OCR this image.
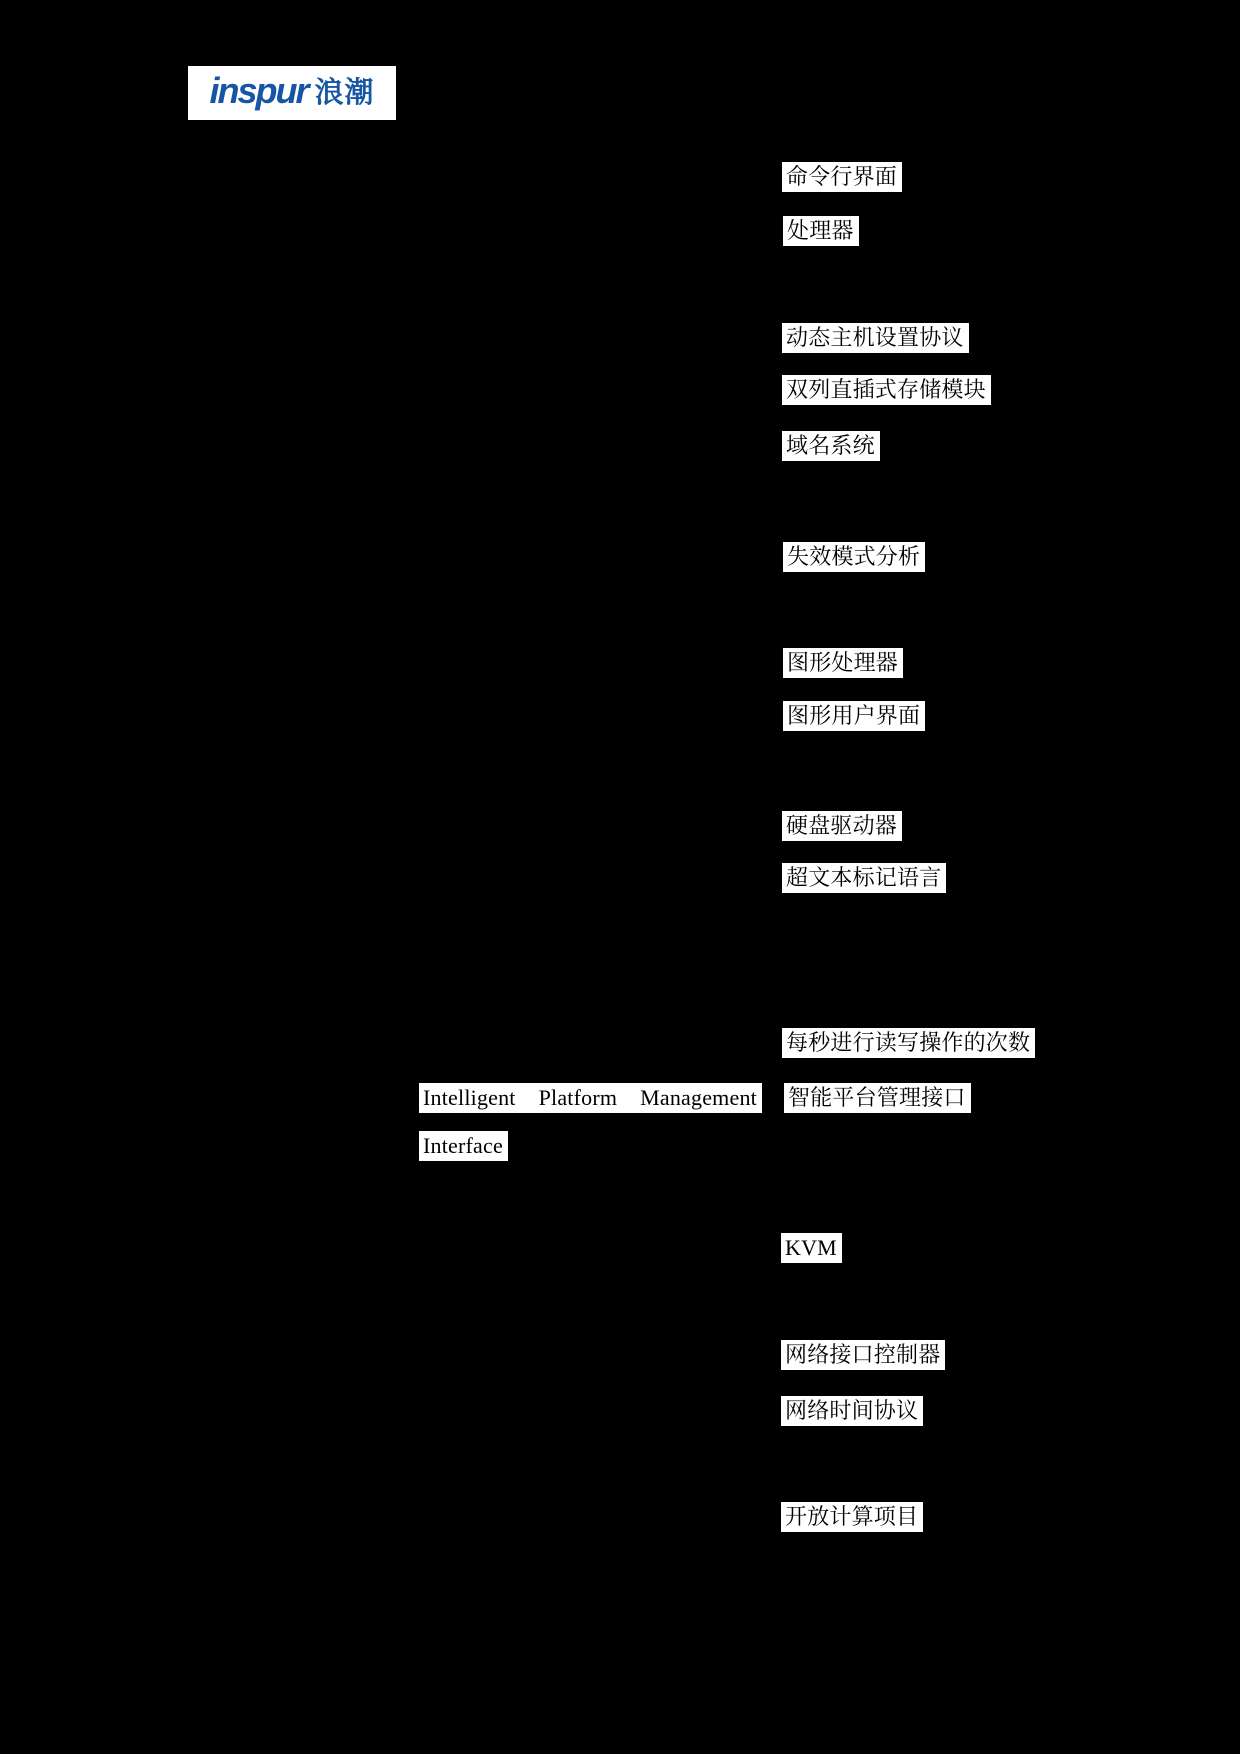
inspur 浪潮
命令行界面
处理器
动态主机设置协议
双列直插式存储模块
域名系统
失效模式分析
图形处理器
图形用户界面
硬盘驱动器
超文本标记语言
每秒进行读写操作的次数
Intelligent Platform Management 智能平台管理接口
Interface
KVM
网络接口控制器
网络时间协议
开放计算项目
